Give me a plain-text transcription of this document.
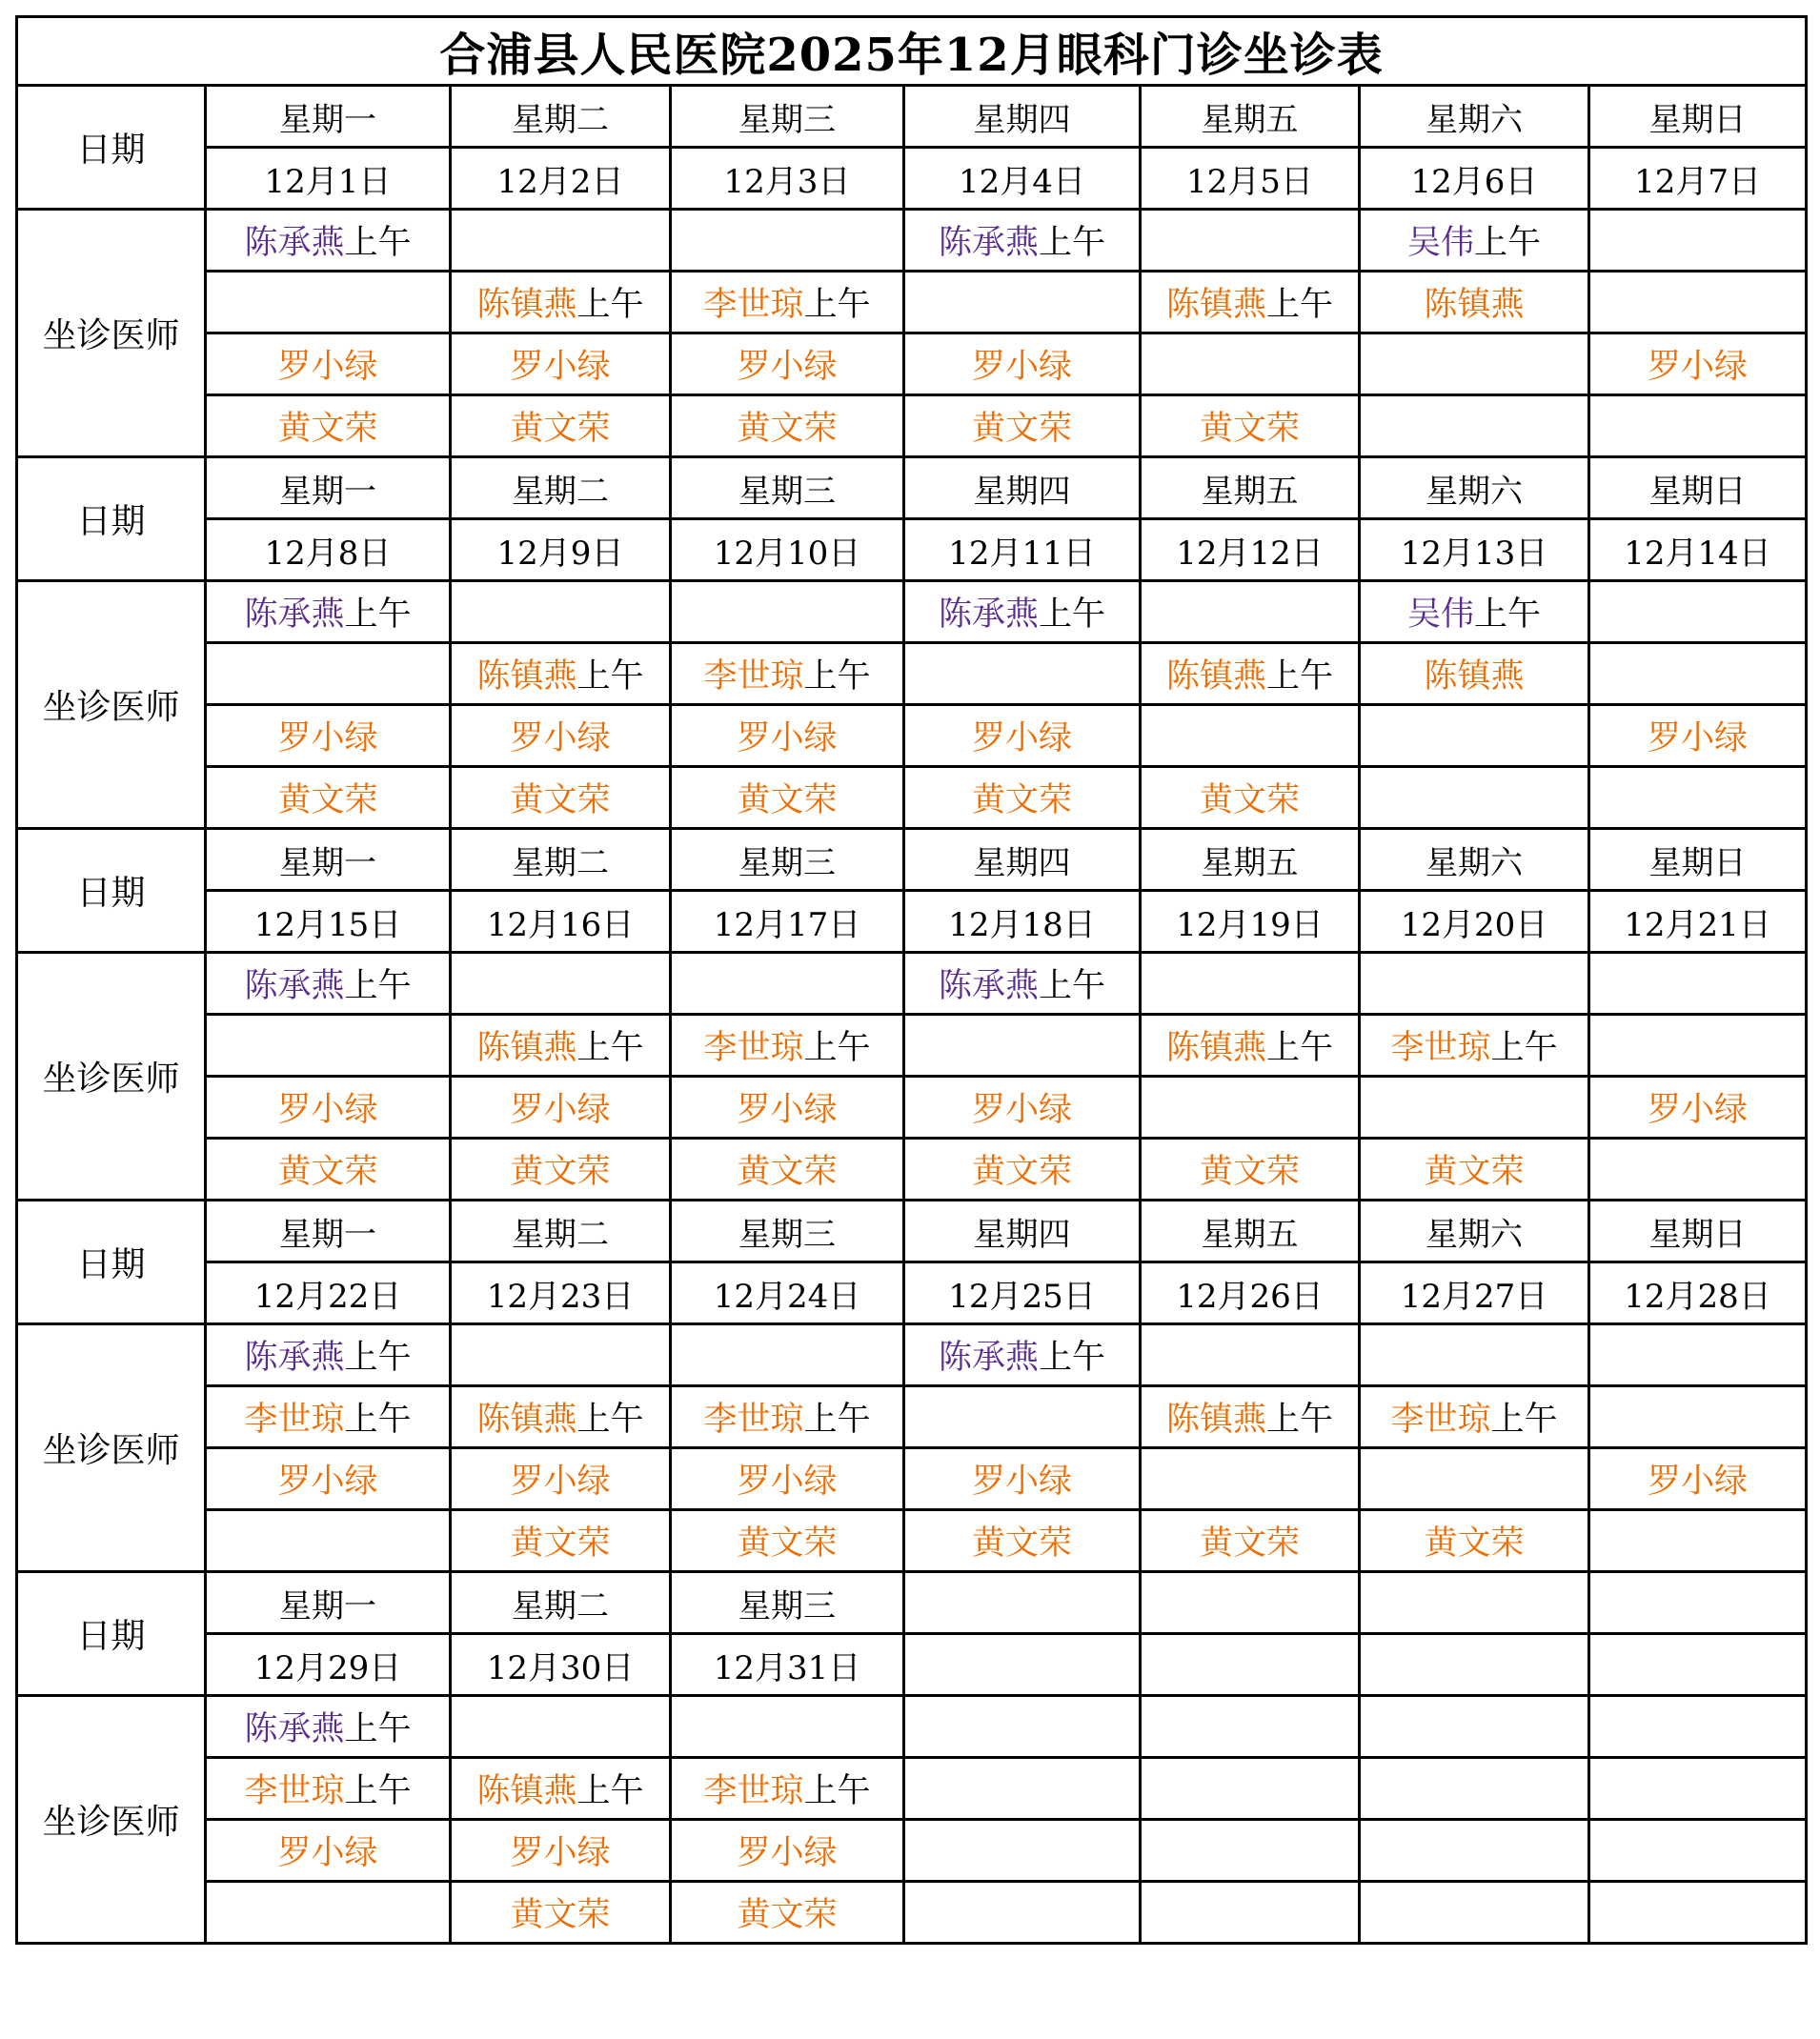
合浦县人民医院2025年12月眼科门诊坐诊表							
日期	星期一	星期二	星期三	星期四	星期五	星期六	星期日
	12月1日	12月2日	12月3日	12月4日	12月5日	12月6日	12月7日
坐诊医师	陈承燕上午			陈承燕上午		吴伟上午	
		陈镇燕上午	李世琼上午		陈镇燕上午	陈镇燕	
	罗小绿	罗小绿	罗小绿	罗小绿			罗小绿
	黄文荣	黄文荣	黄文荣	黄文荣	黄文荣		
日期	星期一	星期二	星期三	星期四	星期五	星期六	星期日
	12月8日	12月9日	12月10日	12月11日	12月12日	12月13日	12月14日
坐诊医师	陈承燕上午			陈承燕上午		吴伟上午	
		陈镇燕上午	李世琼上午		陈镇燕上午	陈镇燕	
	罗小绿	罗小绿	罗小绿	罗小绿			罗小绿
	黄文荣	黄文荣	黄文荣	黄文荣	黄文荣		
日期	星期一	星期二	星期三	星期四	星期五	星期六	星期日
	12月15日	12月16日	12月17日	12月18日	12月19日	12月20日	12月21日
坐诊医师	陈承燕上午			陈承燕上午			
		陈镇燕上午	李世琼上午		陈镇燕上午	李世琼上午	
	罗小绿	罗小绿	罗小绿	罗小绿			罗小绿
	黄文荣	黄文荣	黄文荣	黄文荣	黄文荣	黄文荣	
日期	星期一	星期二	星期三	星期四	星期五	星期六	星期日
	12月22日	12月23日	12月24日	12月25日	12月26日	12月27日	12月28日
坐诊医师	陈承燕上午			陈承燕上午			
	李世琼上午	陈镇燕上午	李世琼上午		陈镇燕上午	李世琼上午	
	罗小绿	罗小绿	罗小绿	罗小绿			罗小绿
		黄文荣	黄文荣	黄文荣	黄文荣	黄文荣	
日期	星期一	星期二	星期三				
	12月29日	12月30日	12月31日				
坐诊医师	陈承燕上午						
	李世琼上午	陈镇燕上午	李世琼上午				
	罗小绿	罗小绿	罗小绿				
		黄文荣	黄文荣				
